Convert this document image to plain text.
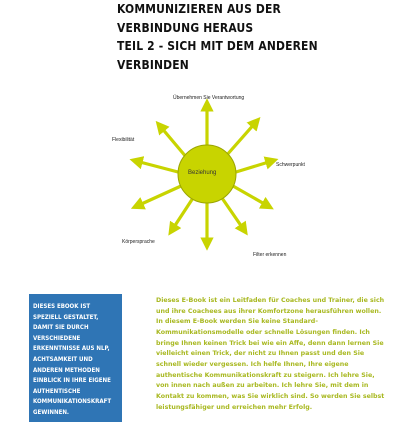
KOMMUNIZIEREN AUS DER
VERBINDUNG HERAUS
TEIL 2 - SICH MIT DEM ANDEREN
VERBINDEN
Beziehung
Übernehmen Sie Verantwortung
Flexibilität
Schwerpunkt
Körpersprache
Filter erkennen
DIESES EBOOK IST SPEZIELL GESTALTET, DAMIT SIE DURCH VERSCHIEDENE ERKENNTNISSE AUS NLP, ACHTSAMKEIT UND ANDEREN METHODEN EINBLICK IN IHRE EIGENE AUTHENTISCHE KOMMUNIKATIONSKRAFT GEWINNEN.
Dieses E-Book ist ein Leitfaden für Coaches und Trainer, die sich und ihre Coachees aus ihrer Komfortzone herausführen wollen. In diesem E-Book werden Sie keine Standard-Kommunikationsmodelle oder schnelle Lösungen finden. Ich bringe Ihnen keinen Trick bei wie ein Affe, denn dann lernen Sie vielleicht einen Trick, der nicht zu Ihnen passt und den Sie schnell wieder vergessen. Ich helfe Ihnen, Ihre eigene authentische Kommunikationskraft zu steigern. Ich lehre Sie, von innen nach außen zu arbeiten. Ich lehre Sie, mit dem in Kontakt zu kommen, was Sie wirklich sind. So werden Sie selbst leistungsfähiger und erreichen mehr Erfolg.
